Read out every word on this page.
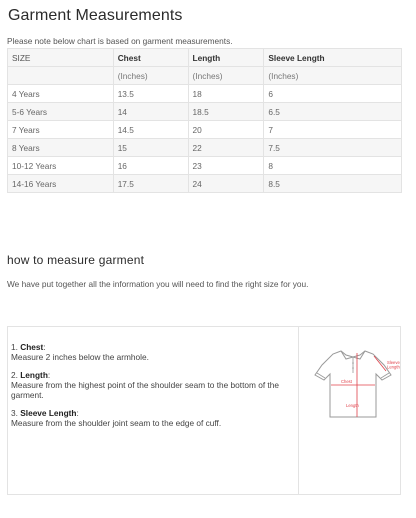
Garment Measurements
Please note below chart is based on garment measurements.
SIZE	Chest	Length	Sleeve Length
	(Inches)	(Inches)	(Inches)
4 Years	13.5	18	6
5-6 Years	14	18.5	6.5
7 Years	14.5	20	7
8 Years	15	22	7.5
10-12 Years	16	23	8
14-16 Years	17.5	24	8.5
how to measure garment
We have put together all the information you will need to find the right size for you.
1. Chest:
Measure 2 inches below the armhole.
2. Length:
Measure from the highest point of the shoulder seam to the bottom of the garment.
3. Sleeve Length:
Measure from the shoulder joint seam to the edge of cuff.
Sleeve Length
Chest
Length
